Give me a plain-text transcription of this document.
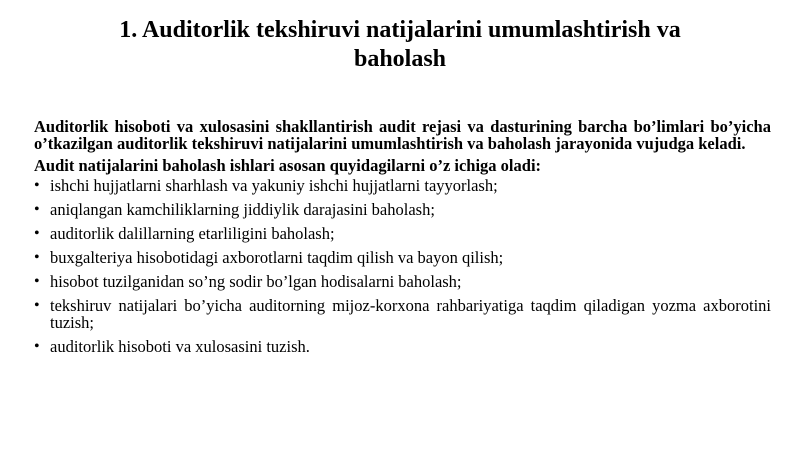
1. Auditorlik tekshiruvi natijalarini umumlashtirish va
baholash

Auditorlik hisoboti va xulosasini shakllantirish audit rejasi va dasturining barcha bo’limlari bo’yicha o’tkazilgan auditorlik tekshiruvi natijalarini umumlashtirish va baholash jarayonida vujudga keladi.

Audit natijalarini baholash ishlari asosan quyidagilarni o’z ichiga oladi:

• ishchi hujjatlarni sharhlash va yakuniy ishchi hujjatlarni tayyorlash;
• aniqlangan kamchiliklarning jiddiylik darajasini baholash;
• auditorlik dalillarning etarliligini baholash;
• buxgalteriya hisobotidagi axborotlarni taqdim qilish va bayon qilish;
• hisobot tuzilganidan so’ng sodir bo’lgan hodisalarni baholash;
• tekshiruv natijalari bo’yicha auditorning mijoz-korxona rahbariyatiga taqdim qiladigan yozma axborotini tuzish;
• auditorlik hisoboti va xulosasini tuzish.
